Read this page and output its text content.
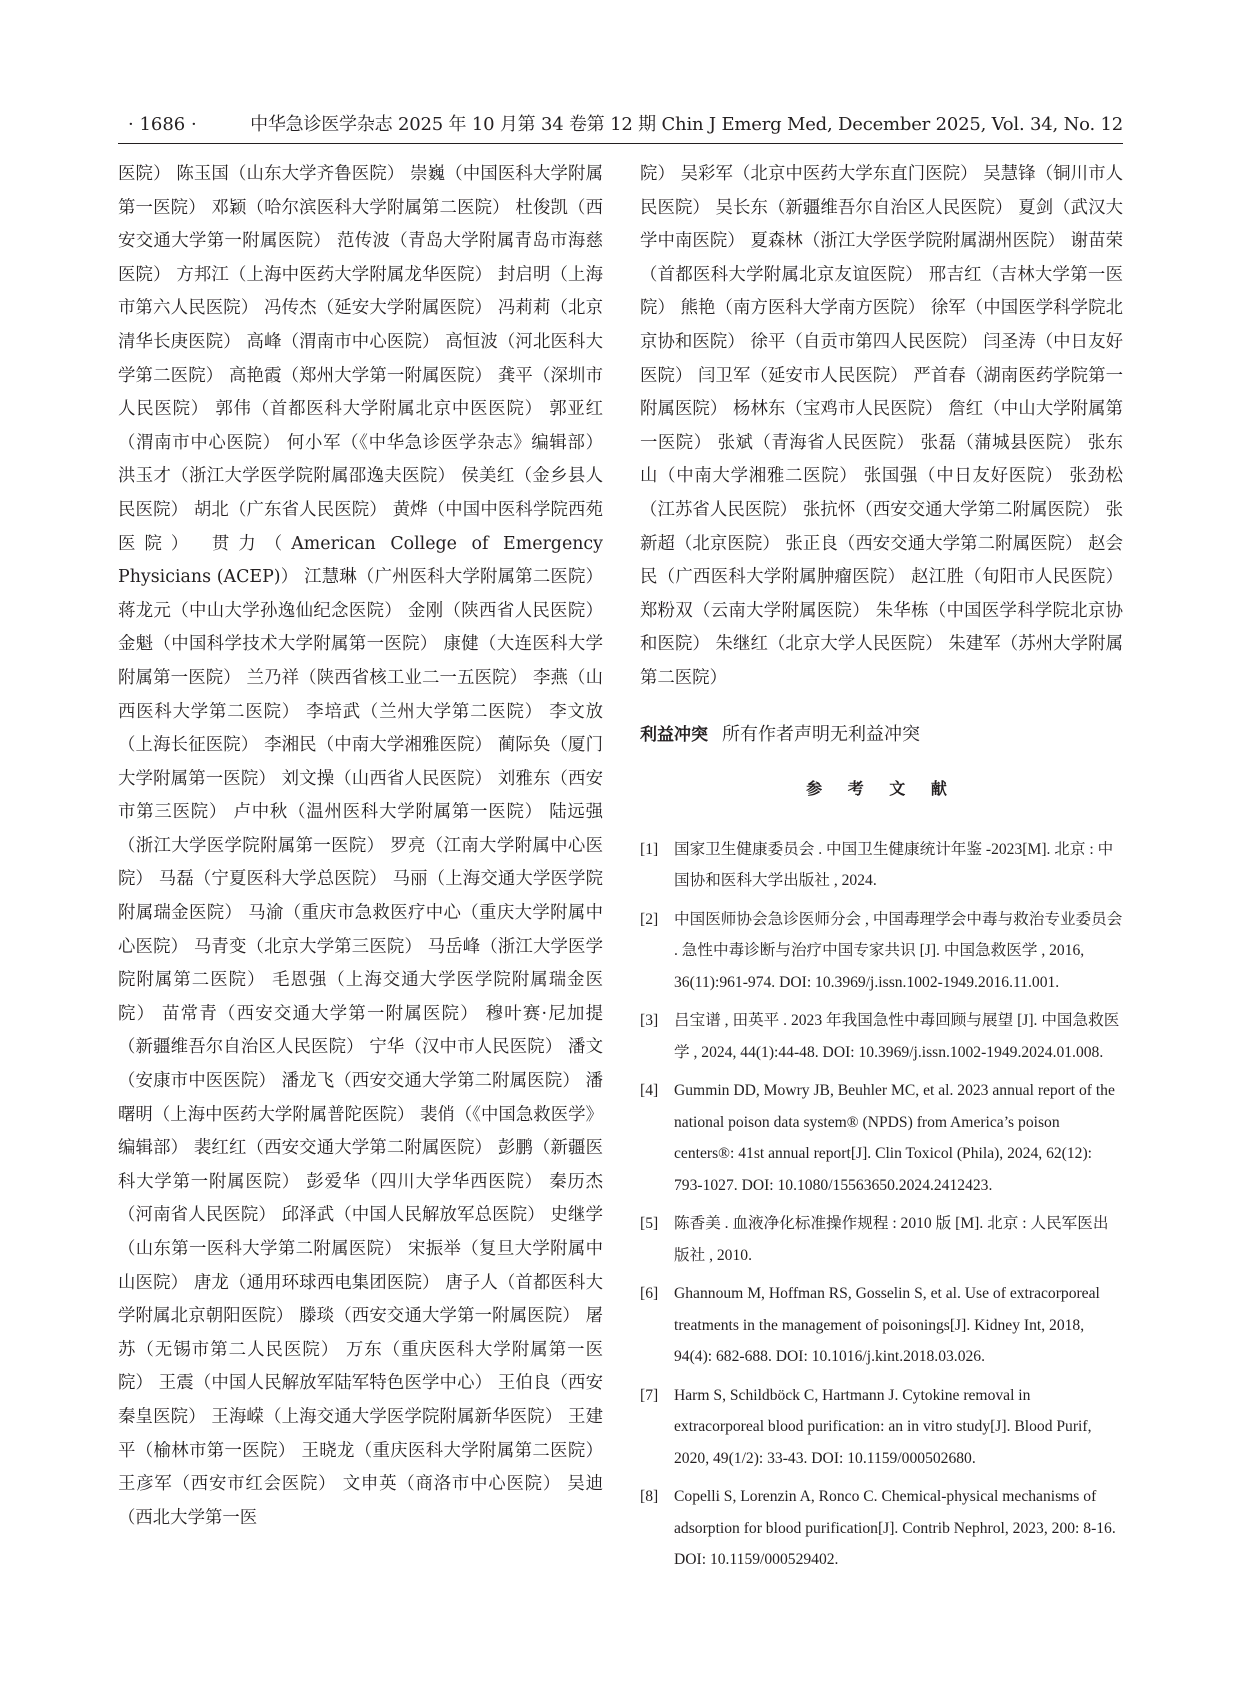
· 1686 ·	中华急诊医学杂志 2025 年 10 月第 34 卷第 12 期 Chin J Emerg Med, December 2025, Vol. 34, No. 12

医院） 陈玉国（山东大学齐鲁医院） 崇巍（中国医科大学附属第一医院） 邓颖（哈尔滨医科大学附属第二医院） 杜俊凯（西安交通大学第一附属医院） 范传波（青岛大学附属青岛市海慈医院） 方邦江（上海中医药大学附属龙华医院） 封启明（上海市第六人民医院） 冯传杰（延安大学附属医院） 冯莉莉（北京清华长庚医院） 高峰（渭南市中心医院） 高恒波（河北医科大学第二医院） 高艳霞（郑州大学第一附属医院） 龚平（深圳市人民医院） 郭伟（首都医科大学附属北京中医医院） 郭亚红（渭南市中心医院） 何小军（《中华急诊医学杂志》编辑部） 洪玉才（浙江大学医学院附属邵逸夫医院） 侯美红（金乡县人民医院） 胡北（广东省人民医院） 黄烨（中国中医科学院西苑医院） 贯力（American College of Emergency Physicians (ACEP)） 江慧琳（广州医科大学附属第二医院） 蒋龙元（中山大学孙逸仙纪念医院） 金刚（陕西省人民医院） 金魁（中国科学技术大学附属第一医院） 康健（大连医科大学附属第一医院） 兰乃祥（陕西省核工业二一五医院） 李燕（山西医科大学第二医院） 李培武（兰州大学第二医院） 李文放（上海长征医院） 李湘民（中南大学湘雅医院） 蔺际奂（厦门大学附属第一医院） 刘文操（山西省人民医院） 刘雅东（西安市第三医院） 卢中秋（温州医科大学附属第一医院） 陆远强（浙江大学医学院附属第一医院） 罗亮（江南大学附属中心医院） 马磊（宁夏医科大学总医院） 马丽（上海交通大学医学院附属瑞金医院） 马渝（重庆市急救医疗中心（重庆大学附属中心医院） 马青变（北京大学第三医院） 马岳峰（浙江大学医学院附属第二医院） 毛恩强（上海交通大学医学院附属瑞金医院） 苗常青（西安交通大学第一附属医院） 穆叶赛·尼加提（新疆维吾尔自治区人民医院） 宁华（汉中市人民医院） 潘文（安康市中医医院） 潘龙飞（西安交通大学第二附属医院） 潘曙明（上海中医药大学附属普陀医院） 裴俏（《中国急救医学》编辑部） 裴红红（西安交通大学第二附属医院） 彭鹏（新疆医科大学第一附属医院） 彭爱华（四川大学华西医院） 秦历杰（河南省人民医院） 邱泽武（中国人民解放军总医院） 史继学（山东第一医科大学第二附属医院） 宋振举（复旦大学附属中山医院） 唐龙（通用环球西电集团医院） 唐子人（首都医科大学附属北京朝阳医院） 滕琰（西安交通大学第一附属医院） 屠苏（无锡市第二人民医院） 万东（重庆医科大学附属第一医院） 王震（中国人民解放军陆军特色医学中心） 王伯良（西安秦皇医院） 王海嵘（上海交通大学医学院附属新华医院） 王建平（榆林市第一医院） 王晓龙（重庆医科大学附属第二医院） 王彦军（西安市红会医院） 文申英（商洛市中心医院） 吴迪（西北大学第一医

院） 吴彩军（北京中医药大学东直门医院） 吴慧锋（铜川市人民医院） 吴长东（新疆维吾尔自治区人民医院） 夏剑（武汉大学中南医院） 夏森林（浙江大学医学院附属湖州医院） 谢苗荣（首都医科大学附属北京友谊医院） 邢吉红（吉林大学第一医院） 熊艳（南方医科大学南方医院） 徐军（中国医学科学院北京协和医院） 徐平（自贡市第四人民医院） 闫圣涛（中日友好医院） 闫卫军（延安市人民医院） 严首春（湖南医药学院第一附属医院） 杨林东（宝鸡市人民医院） 詹红（中山大学附属第一医院） 张斌（青海省人民医院） 张磊（蒲城县医院） 张东山（中南大学湘雅二医院） 张国强（中日友好医院） 张劲松（江苏省人民医院） 张抗怀（西安交通大学第二附属医院） 张新超（北京医院） 张正良（西安交通大学第二附属医院） 赵会民（广西医科大学附属肿瘤医院） 赵江胜（旬阳市人民医院） 郑粉双（云南大学附属医院） 朱华栋（中国医学科学院北京协和医院） 朱继红（北京大学人民医院） 朱建军（苏州大学附属第二医院）

利益冲突 所有作者声明无利益冲突
参 考 文 献
[1]	国家卫生健康委员会 . 中国卫生健康统计年鉴 -2023[M]. 北京 : 中国协和医科大学出版社 , 2024.
[2]	中国医师协会急诊医师分会 , 中国毒理学会中毒与救治专业委员会 . 急性中毒诊断与治疗中国专家共识 [J]. 中国急救医学 , 2016, 36(11):961-974. DOI: 10.3969/j.issn.1002-1949.2016.11.001.
[3]	吕宝谱 , 田英平 . 2023 年我国急性中毒回顾与展望 [J]. 中国急救医学 , 2024, 44(1):44-48. DOI: 10.3969/j.issn.1002-1949.2024.01.008.
[4]	Gummin DD, Mowry JB, Beuhler MC, et al. 2023 annual report of the national poison data system® (NPDS) from America’s poison centers®: 41st annual report[J]. Clin Toxicol (Phila), 2024, 62(12): 793-1027. DOI: 10.1080/15563650.2024.2412423.
[5]	陈香美 . 血液净化标准操作规程 : 2010 版 [M]. 北京 : 人民军医出版社 , 2010.
[6]	Ghannoum M, Hoffman RS, Gosselin S, et al. Use of extracorporeal treatments in the management of poisonings[J]. Kidney Int, 2018, 94(4): 682-688. DOI: 10.1016/j.kint.2018.03.026.
[7]	Harm S, Schildböck C, Hartmann J. Cytokine removal in extracorporeal blood purification: an in vitro study[J]. Blood Purif, 2020, 49(1/2): 33-43. DOI: 10.1159/000502680.
[8]	Copelli S, Lorenzin A, Ronco C. Chemical-physical mechanisms of adsorption for blood purification[J]. Contrib Nephrol, 2023, 200: 8-16. DOI: 10.1159/000529402.
